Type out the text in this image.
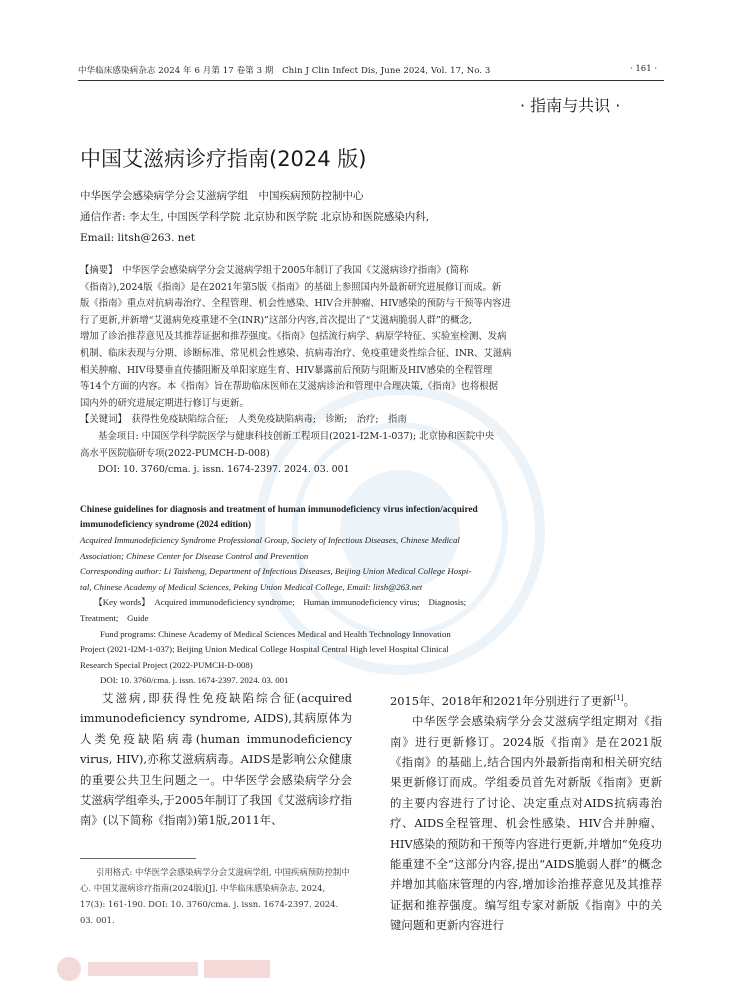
中华临床感染病杂志 2024 年 6 月第 17 卷第 3 期　Chin J Clin Infect Dis, June 2024, Vol. 17, No. 3	· 161 ·
· 指南与共识 ·
中国艾滋病诊疗指南(2024 版)
中华医学会感染病学分会艾滋病学组　中国疾病预防控制中心
通信作者: 李太生, 中国医学科学院 北京协和医学院 北京协和医院感染内科,
Email: litsh@263. net
【摘要】　中华医学会感染病学分会艾滋病学组于2005年制订了我国《艾滋病诊疗指南》(简称
《指南》),2024版《指南》是在2021年第5版《指南》的基础上参照国内外最新研究进展修订而成。新
版《指南》重点对抗病毒治疗、全程管理、机会性感染、HIV合并肿瘤、HIV感染的预防与干预等内容进
行了更新,并新增“艾滋病免疫重建不全(INR)”这部分内容,首次提出了“艾滋病脆弱人群”的概念,
增加了诊治推荐意见及其推荐证据和推荐强度。《指南》包括流行病学、病原学特征、实验室检测、发病
机制、临床表现与分期、诊断标准、常见机会性感染、抗病毒治疗、免疫重建炎性综合征、INR、艾滋病
相关肿瘤、HIV母婴垂直传播阻断及单阳家庭生育、HIV暴露前后预防与阻断及HIV感染的全程管理
等14个方面的内容。本《指南》旨在帮助临床医师在艾滋病诊治和管理中合理决策,《指南》也将根据
国内外的研究进展定期进行修订与更新。
【关键词】　获得性免疫缺陷综合征;　人类免疫缺陷病毒;　诊断;　治疗;　指南
基金项目: 中国医学科学院医学与健康科技创新工程项目(2021-I2M-1-037); 北京协和医院中央
高水平医院临研专项(2022-PUMCH-D-008)
DOI: 10. 3760/cma. j. issn. 1674-2397. 2024. 03. 001
Chinese guidelines for diagnosis and treatment of human immunodeficiency virus infection/acquired
immunodeficiency syndrome (2024 edition)
Acquired Immunodeficiency Syndrome Professional Group, Society of Infectious Diseases, Chinese Medical
Association; Chinese Center for Disease Control and Prevention
Corresponding author: Li Taisheng, Department of Infectious Diseases, Beijing Union Medical College Hospi-
tal, Chinese Academy of Medical Sciences, Peking Union Medical College, Email: litsh@263.net
【Key words】　Acquired immunodeficiency syndrome;　Human immunodeficiency virus;　Diagnosis;
Treatment;　Guide
Fund programs: Chinese Academy of Medical Sciences Medical and Health Technology Innovation
Project (2021-I2M-1-037); Beijing Union Medical College Hospital Central High level Hospital Clinical
Research Special Project (2022-PUMCH-D-008)
DOI: 10. 3760/cma. j. issn. 1674-2397. 2024. 03. 001

艾滋病,即获得性免疫缺陷综合征(acquired immunodeficiency syndrome, AIDS),其病原体为人类免疫缺陷病毒(human immunodeficiency virus, HIV),亦称艾滋病病毒。AIDS是影响公众健康的重要公共卫生问题之一。中华医学会感染病学分会艾滋病学组牵头,于2005年制订了我国《艾滋病诊疗指南》(以下简称《指南》)第1版,2011年、

2015年、2018年和2021年分别进行了更新[1]。

中华医学会感染病学分会艾滋病学组定期对《指南》进行更新修订。2024版《指南》是在2021版《指南》的基础上,结合国内外最新指南和相关研究结果更新修订而成。学组委员首先对新版《指南》更新的主要内容进行了讨论、决定重点对AIDS抗病毒治疗、AIDS全程管理、机会性感染、HIV合并肿瘤、HIV感染的预防和干预等内容进行更新,并增加“免疫功能重建不全”这部分内容,提出“AIDS脆弱人群”的概念并增加其临床管理的内容,增加诊治推荐意见及其推荐证据和推荐强度。编写组专家对新版《指南》中的关键问题和更新内容进行

引用格式: 中华医学会感染病学分会艾滋病学组, 中国疾病预防控制中心. 中国艾滋病诊疗指南(2024版)[J]. 中华临床感染病杂志, 2024, 17(3): 161-190. DOI: 10. 3760/cma. j. issn. 1674-2397. 2024. 03. 001.
